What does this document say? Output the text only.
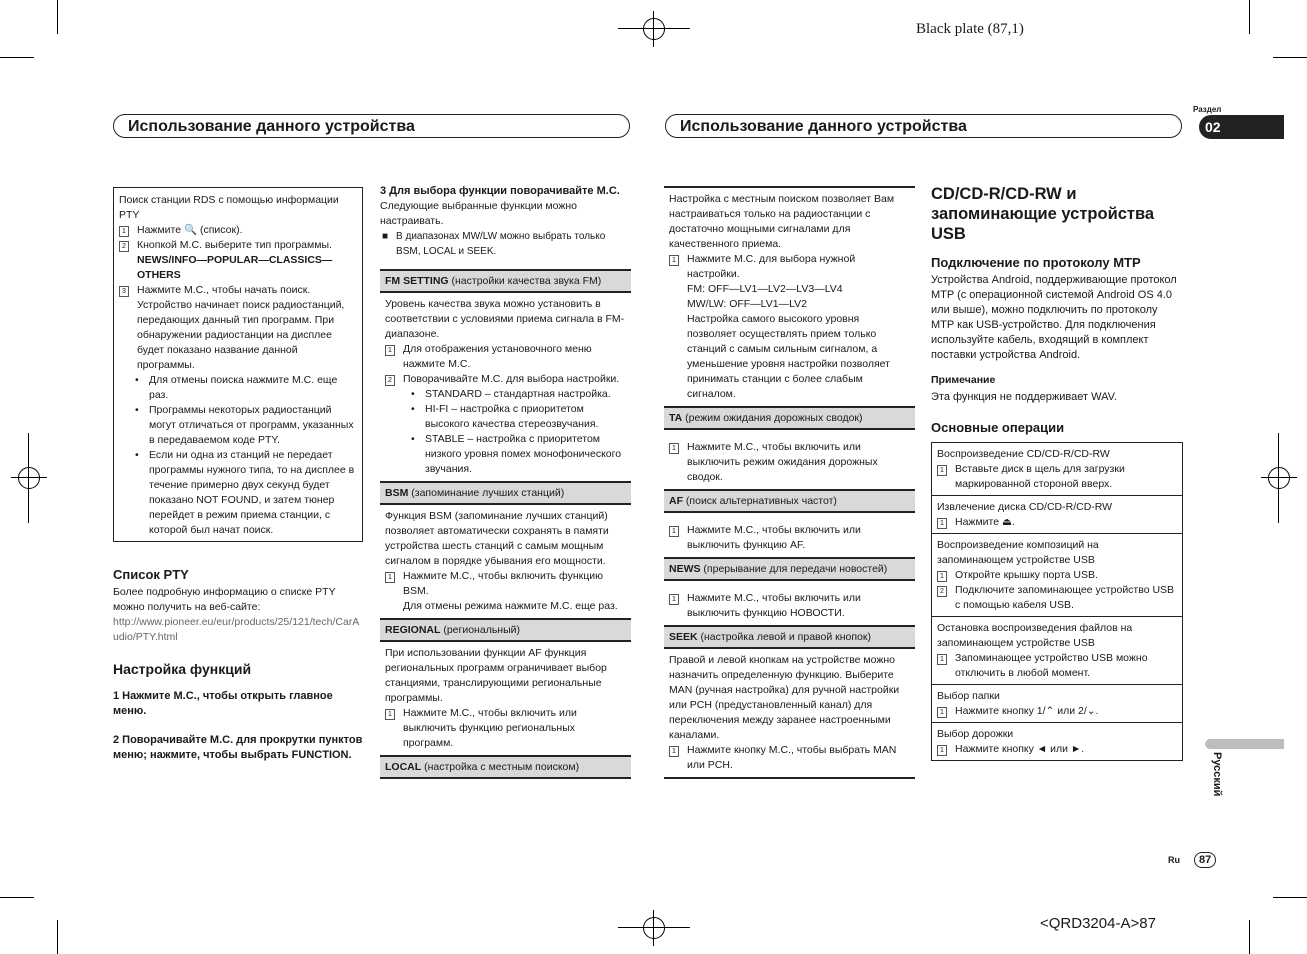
Black plate (87,1)
<QRD3204-A>87
Использование данного устройства	Использование данного устройства
Раздел
02
Русский
Ru	87

Поиск станции RDS с помощью информации PTY

1 Нажмите 🔍 (список).
2 Кнопкой M.C. выберите тип программы.
NEWS/INFO—POPULAR—CLASSICS—OTHERS
3 Нажмите M.C., чтобы начать поиск. Устройство начинает поиск радиостанций, передающих данный тип программ. При обнаружении радиостанции на дисплее будет показано название данной программы.
• Для отмены поиска нажмите M.C. еще раз.
• Программы некоторых радиостанций могут отличаться от программ, указанных в передаваемом коде PTY.
• Если ни одна из станций не передает программы нужного типа, то на дисплее в течение примерно двух секунд будет показано NOT FOUND, и затем тюнер перейдет в режим приема станции, с которой был начат поиск.

Список PTY

Более подробную информацию о списке PTY можно получить на веб-сайте:

http://www.pioneer.eu/eur/products/25/121/tech/CarAudio/PTY.html

Настройка функций

1 Нажмите M.C., чтобы открыть главное меню.

2 Поворачивайте M.C. для прокрутки пунктов меню; нажмите, чтобы выбрать FUNCTION.

3 Для выбора функции поворачивайте M.C.

Следующие выбранные функции можно настраивать.

■ В диапазонах MW/LW можно выбрать только BSM, LOCAL и SEEK.
FM SETTING (настройки качества звука FM)

Уровень качества звука можно установить в соответствии с условиями приема сигнала в FM-диапазоне.

1 Для отображения установочного меню нажмите M.C.
2 Поворачивайте M.C. для выбора настройки.
• STANDARD – стандартная настройка.
• HI-FI – настройка с приоритетом высокого качества стереозвучания.
• STABLE – настройка с приоритетом низкого уровня помех монофонического звучания.
BSM (запоминание лучших станций)

Функция BSM (запоминание лучших станций) позволяет автоматически сохранять в памяти устройства шесть станций с самым мощным сигналом в порядке убывания его мощности.

1 Нажмите M.C., чтобы включить функцию BSM.
Для отмены режима нажмите M.C. еще раз.
REGIONAL (региональный)

При использовании функции AF функция региональных программ ограничивает выбор станциями, транслирующими региональные программы.

1 Нажмите M.C., чтобы включить или выключить функцию региональных программ.
LOCAL (настройка с местным поиском)

Настройка с местным поиском позволяет Вам настраиваться только на радиостанции с достаточно мощными сигналами для качественного приема.

1 Нажмите M.C. для выбора нужной настройки.
FM: OFF—LV1—LV2—LV3—LV4
MW/LW: OFF—LV1—LV2
Настройка самого высокого уровня позволяет осуществлять прием только станций с самым сильным сигналом, а уменьшение уровня настройки позволяет принимать станции с более слабым сигналом.
TA (режим ожидания дорожных сводок)
1 Нажмите M.C., чтобы включить или выключить режим ожидания дорожных сводок.
AF (поиск альтернативных частот)
1 Нажмите M.C., чтобы включить или выключить функцию AF.
NEWS (прерывание для передачи новостей)
1 Нажмите M.C., чтобы включить или выключить функцию НОВОСТИ.
SEEK (настройка левой и правой кнопок)

Правой и левой кнопкам на устройстве можно назначить определенную функцию. Выберите MAN (ручная настройка) для ручной настройки или PCH (предустановленный канал) для переключения между заранее настроенными каналами.

1 Нажмите кнопку M.C., чтобы выбрать MAN или PCH.

CD/CD-R/CD-RW и запоминающие устройства USB

Подключение по протоколу MTP

Устройства Android, поддерживающие протокол MTP (с операционной системой Android OS 4.0 или выше), можно подключить по протоколу MTP как USB-устройство. Для подключения используйте кабель, входящий в комплект поставки устройства Android.

Примечание

Эта функция не поддерживает WAV.

Основные операции

Воспроизведение CD/CD-R/CD-RW

1 Вставьте диск в щель для загрузки маркированной стороной вверх.

Извлечение диска CD/CD-R/CD-RW

1 Нажмите ⏏.

Воспроизведение композиций на запоминающем устройстве USB

1 Откройте крышку порта USB.
2 Подключите запоминающее устройство USB с помощью кабеля USB.

Остановка воспроизведения файлов на запоминающем устройстве USB

1 Запоминающее устройство USB можно отключить в любой момент.

Выбор папки

1 Нажмите кнопку 1/⌃ или 2/⌄.

Выбор дорожки

1 Нажмите кнопку ◄ или ►.
